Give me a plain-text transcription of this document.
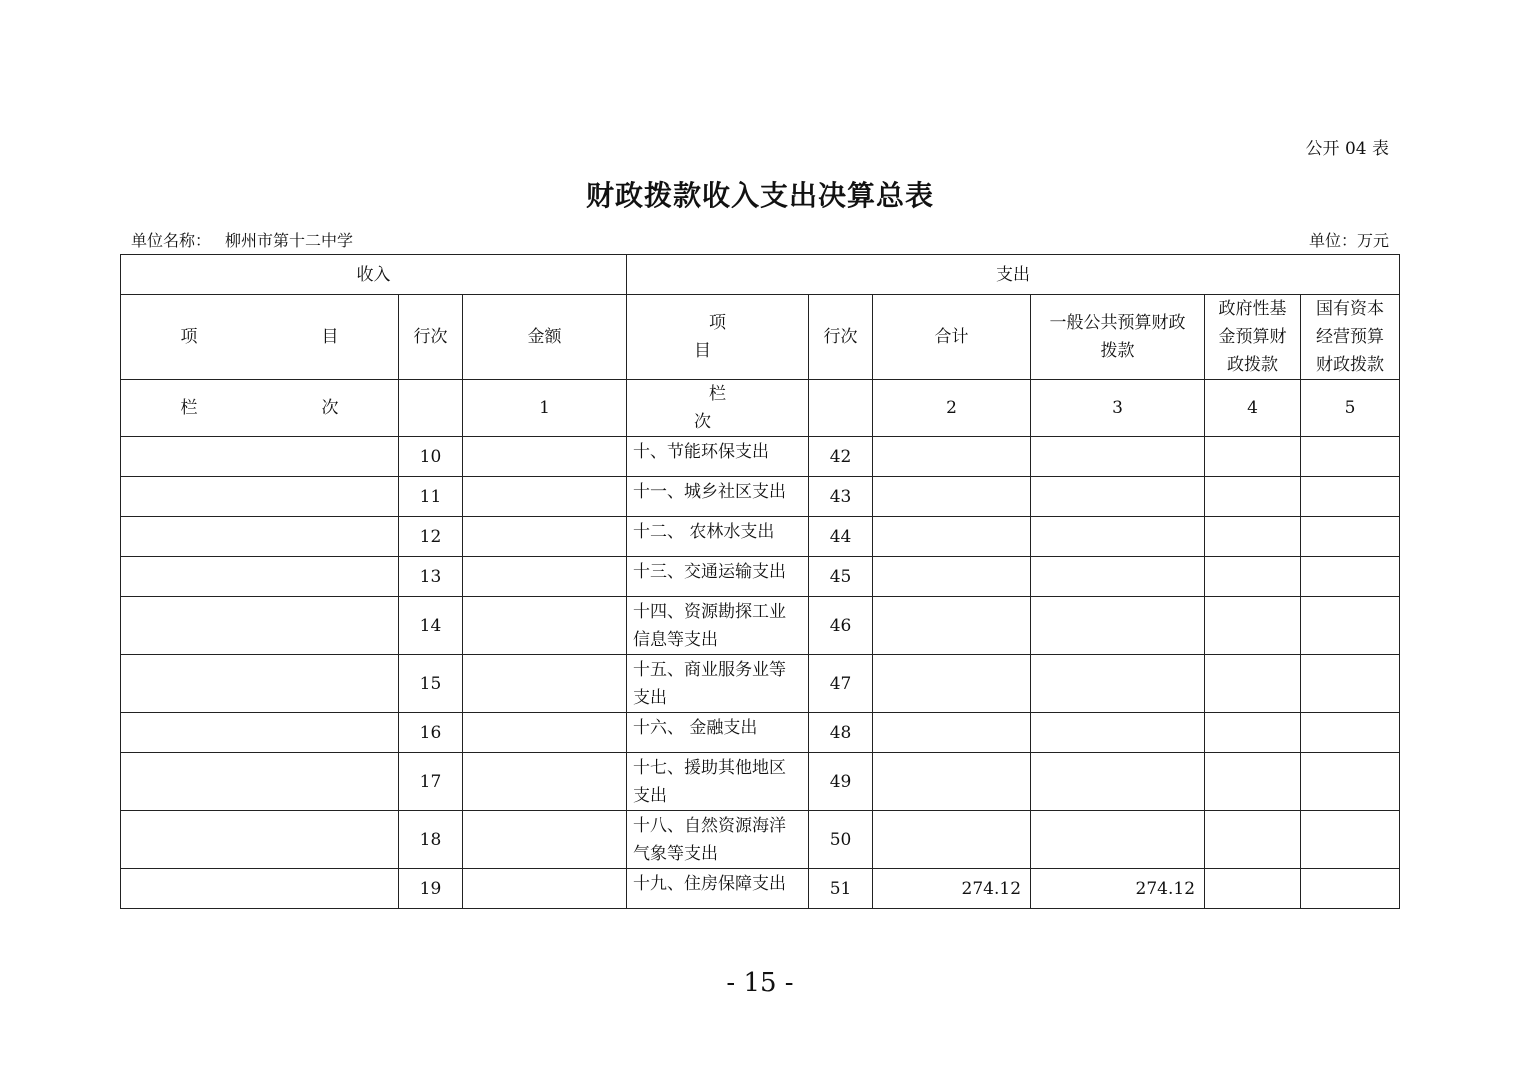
公开 04 表
财政拨款收入支出决算总表
单位名称： 柳州市第十二中学	单位：万元
收入			支出					
项　　目	行次	金额	项　　目	行次	合计	一般公共预算财政拨款	政府性基金预算财政拨款	国有资本经营预算财政拨款
栏　　次		1	栏　　次		2	3	4	5
	10		十、节能环保支出	42				
	11		十一、城乡社区支出	43				
	12		十二、 农林水支出	44				
	13		十三、交通运输支出	45				
	14		十四、资源勘探工业信息等支出	46				
	15		十五、商业服务业等支出	47				
	16		十六、 金融支出	48				
	17		十七、援助其他地区支出	49				
	18		十八、自然资源海洋气象等支出	50				
	19		十九、住房保障支出	51	274.12	274.12		
- 15 -
